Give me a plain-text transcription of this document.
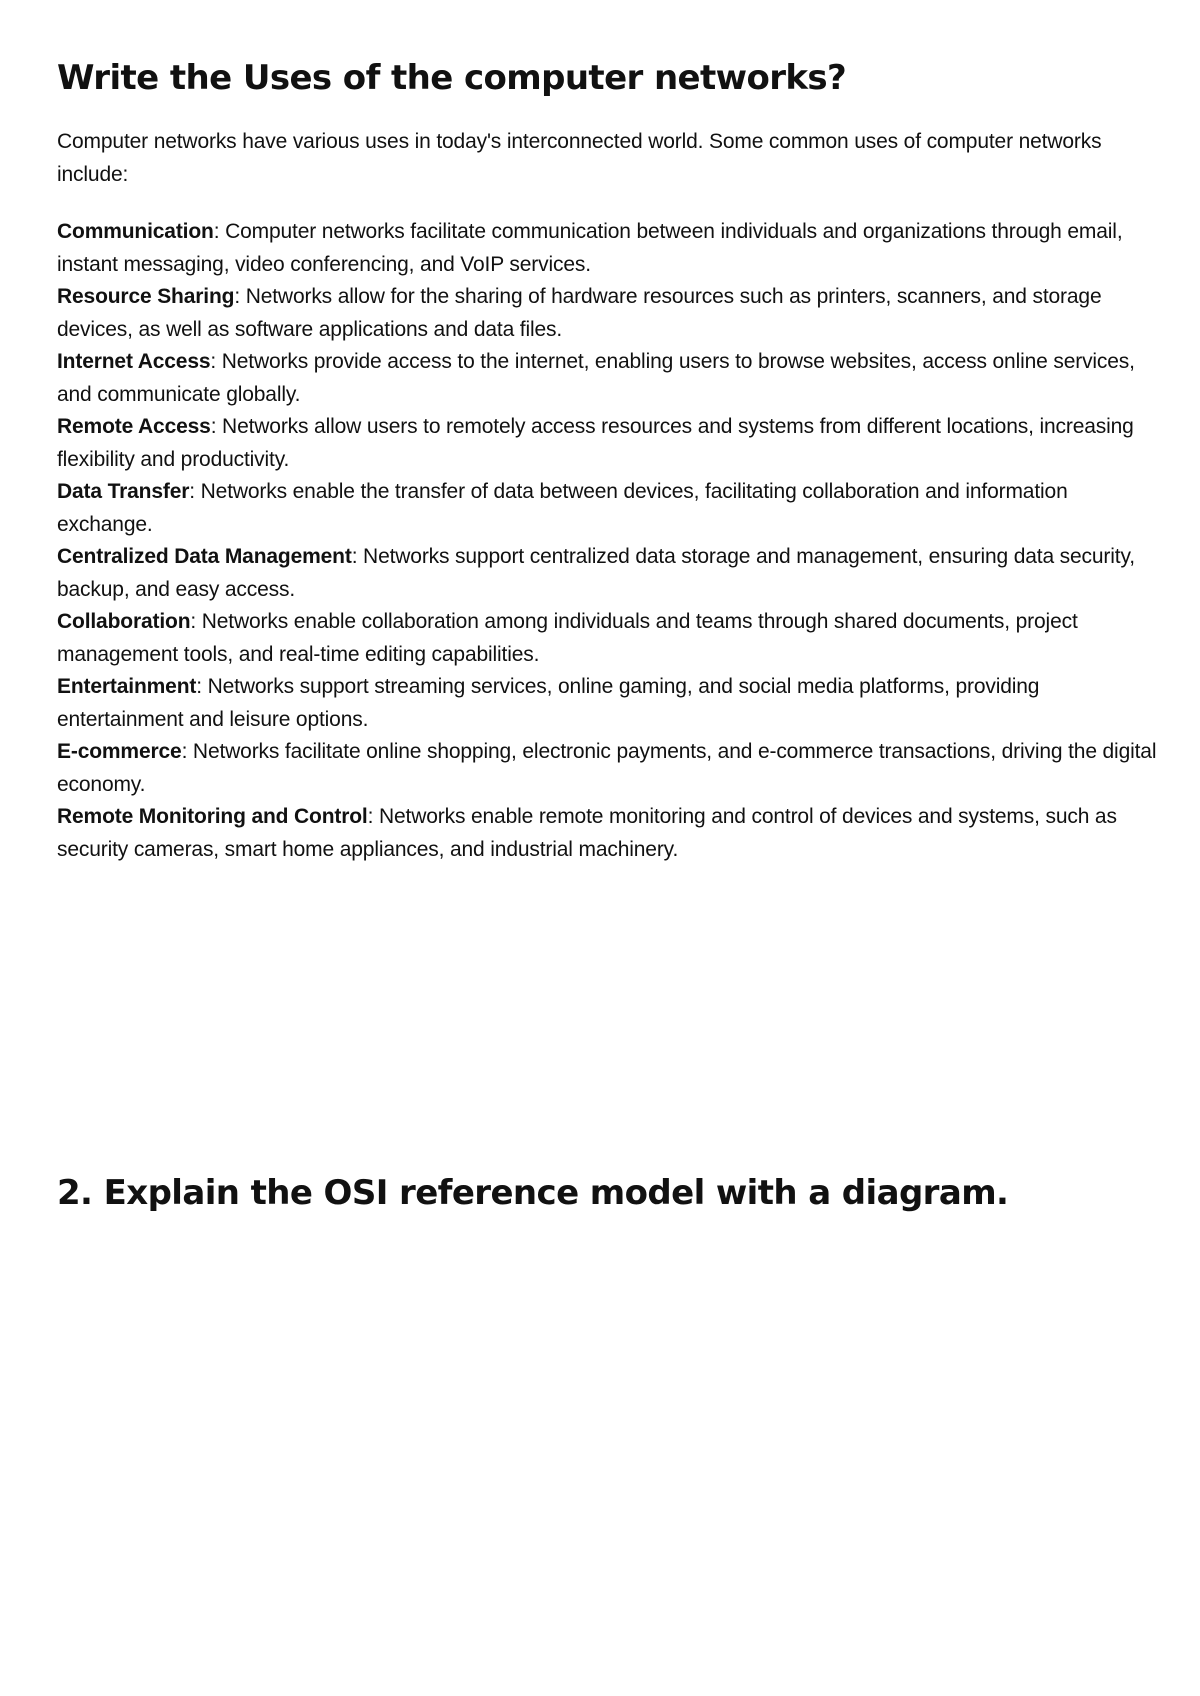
Write the Uses of the computer networks?

Computer networks have various uses in today's interconnected world. Some common uses of computer networks include:

Communication: Computer networks facilitate communication between individuals and organizations through email, instant messaging, video conferencing, and VoIP services.

Resource Sharing: Networks allow for the sharing of hardware resources such as printers, scanners, and storage devices, as well as software applications and data files.

Internet Access: Networks provide access to the internet, enabling users to browse websites, access online services, and communicate globally.

Remote Access: Networks allow users to remotely access resources and systems from different locations, increasing flexibility and productivity.

Data Transfer: Networks enable the transfer of data between devices, facilitating collaboration and information exchange.

Centralized Data Management: Networks support centralized data storage and management, ensuring data security, backup, and easy access.

Collaboration: Networks enable collaboration among individuals and teams through shared documents, project management tools, and real-time editing capabilities.

Entertainment: Networks support streaming services, online gaming, and social media platforms, providing entertainment and leisure options.

E-commerce: Networks facilitate online shopping, electronic payments, and e-commerce transactions, driving the digital economy.

Remote Monitoring and Control: Networks enable remote monitoring and control of devices and systems, such as security cameras, smart home appliances, and industrial machinery.

2. Explain the OSI reference model with a diagram.
